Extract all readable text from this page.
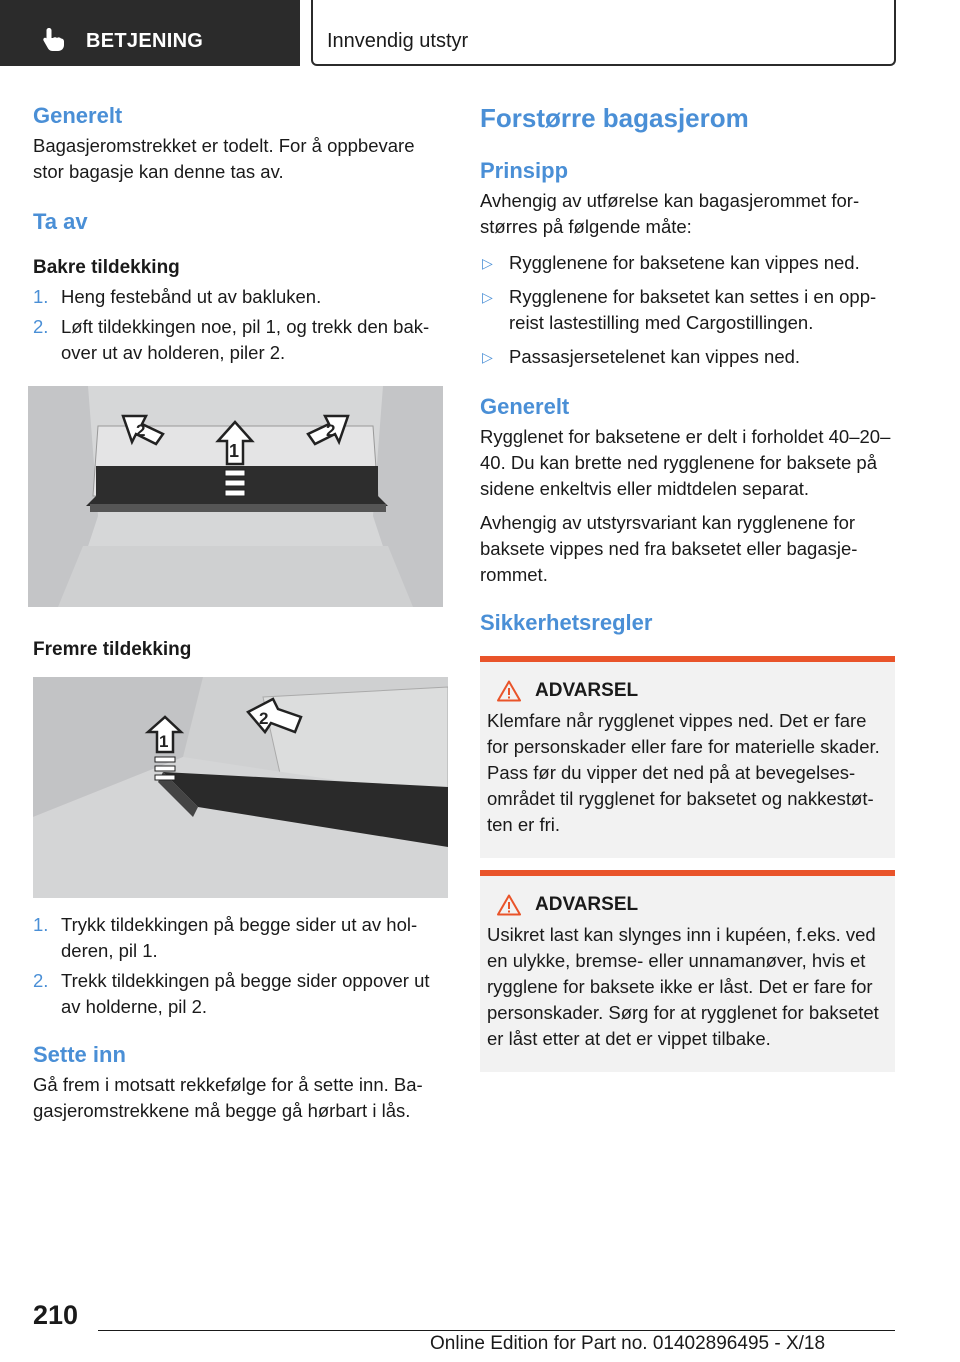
BETJENING	Innvendig utstyr
Generelt

Bagasjeromstrekket er todelt. For å oppbevare stor bagasje kan denne tas av.

Ta av
Bakre tildekking
1. Heng festebånd ut av bakluken.
2. Løft tildekkingen noe, pil 1, og trekk den bakover ut av holderen, piler 2.
1
2	2
Fremre tildekking
1
2
1. Trykk tildekkingen på begge sider ut av holderen, pil 1.
2. Trekk tildekkingen på begge sider oppover ut av holderne, pil 2.
Sette inn

Gå frem i motsatt rekkefølge for å sette inn. Bagasjeromstrekkene må begge gå hørbart i lås.

Forstørre bagasjerom
Prinsipp

Avhengig av utførelse kan bagasjerommet forstørres på følgende måte:

▷ Rygglenene for baksetene kan vippes ned.
▷ Rygglenene for baksetet kan settes i en oppreist lastestilling med Cargostillingen.
▷ Passasjersetelenet kan vippes ned.
Generelt

Rygglenet for baksetene er delt i forholdet 40–20–40. Du kan brette ned rygglenene for baksete på sidene enkeltvis eller midtdelen separat.

Avhengig av utstyrsvariant kan rygglenene for baksete vippes ned fra baksetet eller bagasjerommet.

Sikkerhetsregler
ADVARSEL

Klemfare når rygglenet vippes ned. Det er fare for personskader eller fare for materielle skader. Pass før du vipper det ned på at bevegelsesområdet til rygglenet for baksetet og nakkestøtten er fri.

ADVARSEL

Usikret last kan slynges inn i kupéen, f.eks. ved en ulykke, bremse- eller unnamanøver, hvis et rygglene for baksete ikke er låst. Det er fare for personskader. Sørg for at rygglenet for baksetet er låst etter at det er vippet tilbake.

210
Online Edition for Part no. 01402896495 - X/18
